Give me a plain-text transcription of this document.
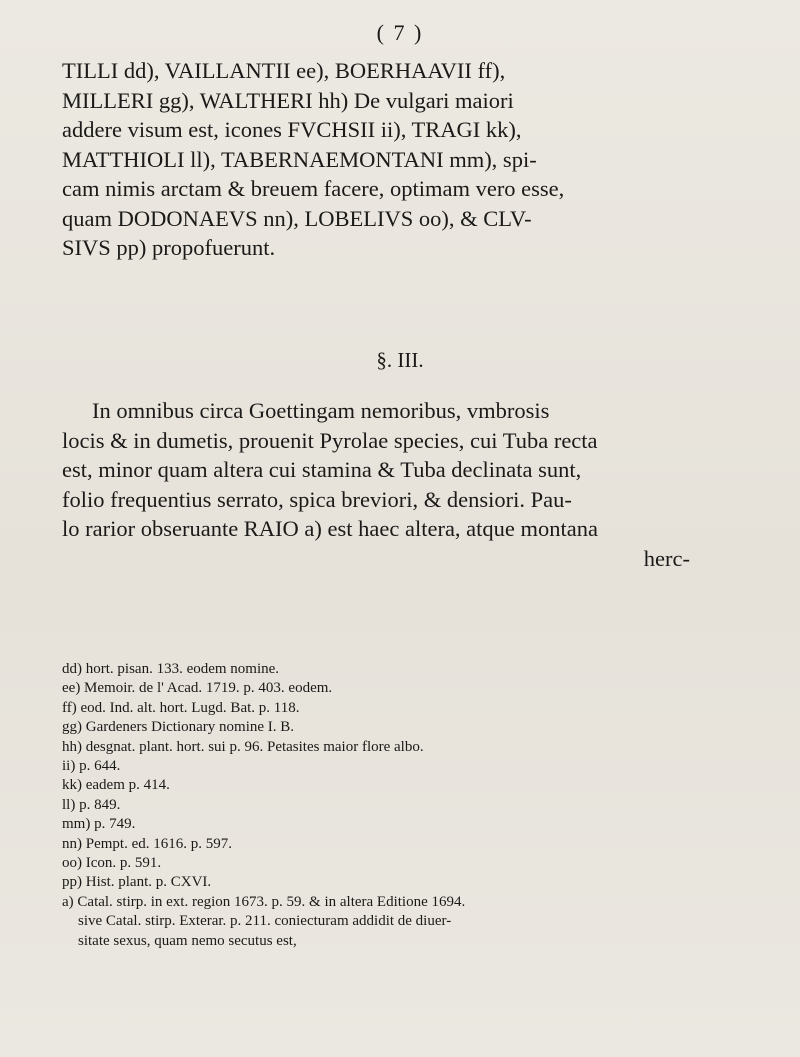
( 7 )

TILLI dd), VAILLANTII ee), BOERHAAVII ff),
MILLERI gg), WALTHERI hh) De vulgari maiori
addere visum est, icones FVCHSII ii), TRAGI kk),
MATTHIOLI ll), TABERNAEMONTANI mm), spi-
cam nimis arctam & breuem facere, optimam vero esse,
quam DODONAEVS nn), LOBELIVS oo), & CLV-
SIVS pp) propofuerunt.

§. III.

In omnibus circa Goettingam nemoribus, vmbrosis
locis & in dumetis, prouenit Pyrolae species, cui Tuba recta
est, minor quam altera cui stamina & Tuba declinata sunt,
folio frequentius serrato, spica breviori, & densiori. Pau-
lo rarior obseruante RAIO a) est haec altera, atque montana
herc-

dd) hort. pisan. 133. eodem nomine.
ee) Memoir. de l' Acad. 1719. p. 403. eodem.
ff) eod. Ind. alt. hort. Lugd. Bat. p. 118.
gg) Gardeners Dictionary nomine I. B.
hh) desgnat. plant. hort. sui p. 96. Petasites maior flore albo.
ii) p. 644.
kk) eadem p. 414.
ll) p. 849.
mm) p. 749.
nn) Pempt. ed. 1616. p. 597.
oo) Icon. p. 591.
pp) Hist. plant. p. CXVI.
a) Catal. stirp. in ext. region 1673. p. 59. & in altera Editione 1694.
sive Catal. stirp. Exterar. p. 211. coniecturam addidit de diuer-
sitate sexus, quam nemo secutus est,
